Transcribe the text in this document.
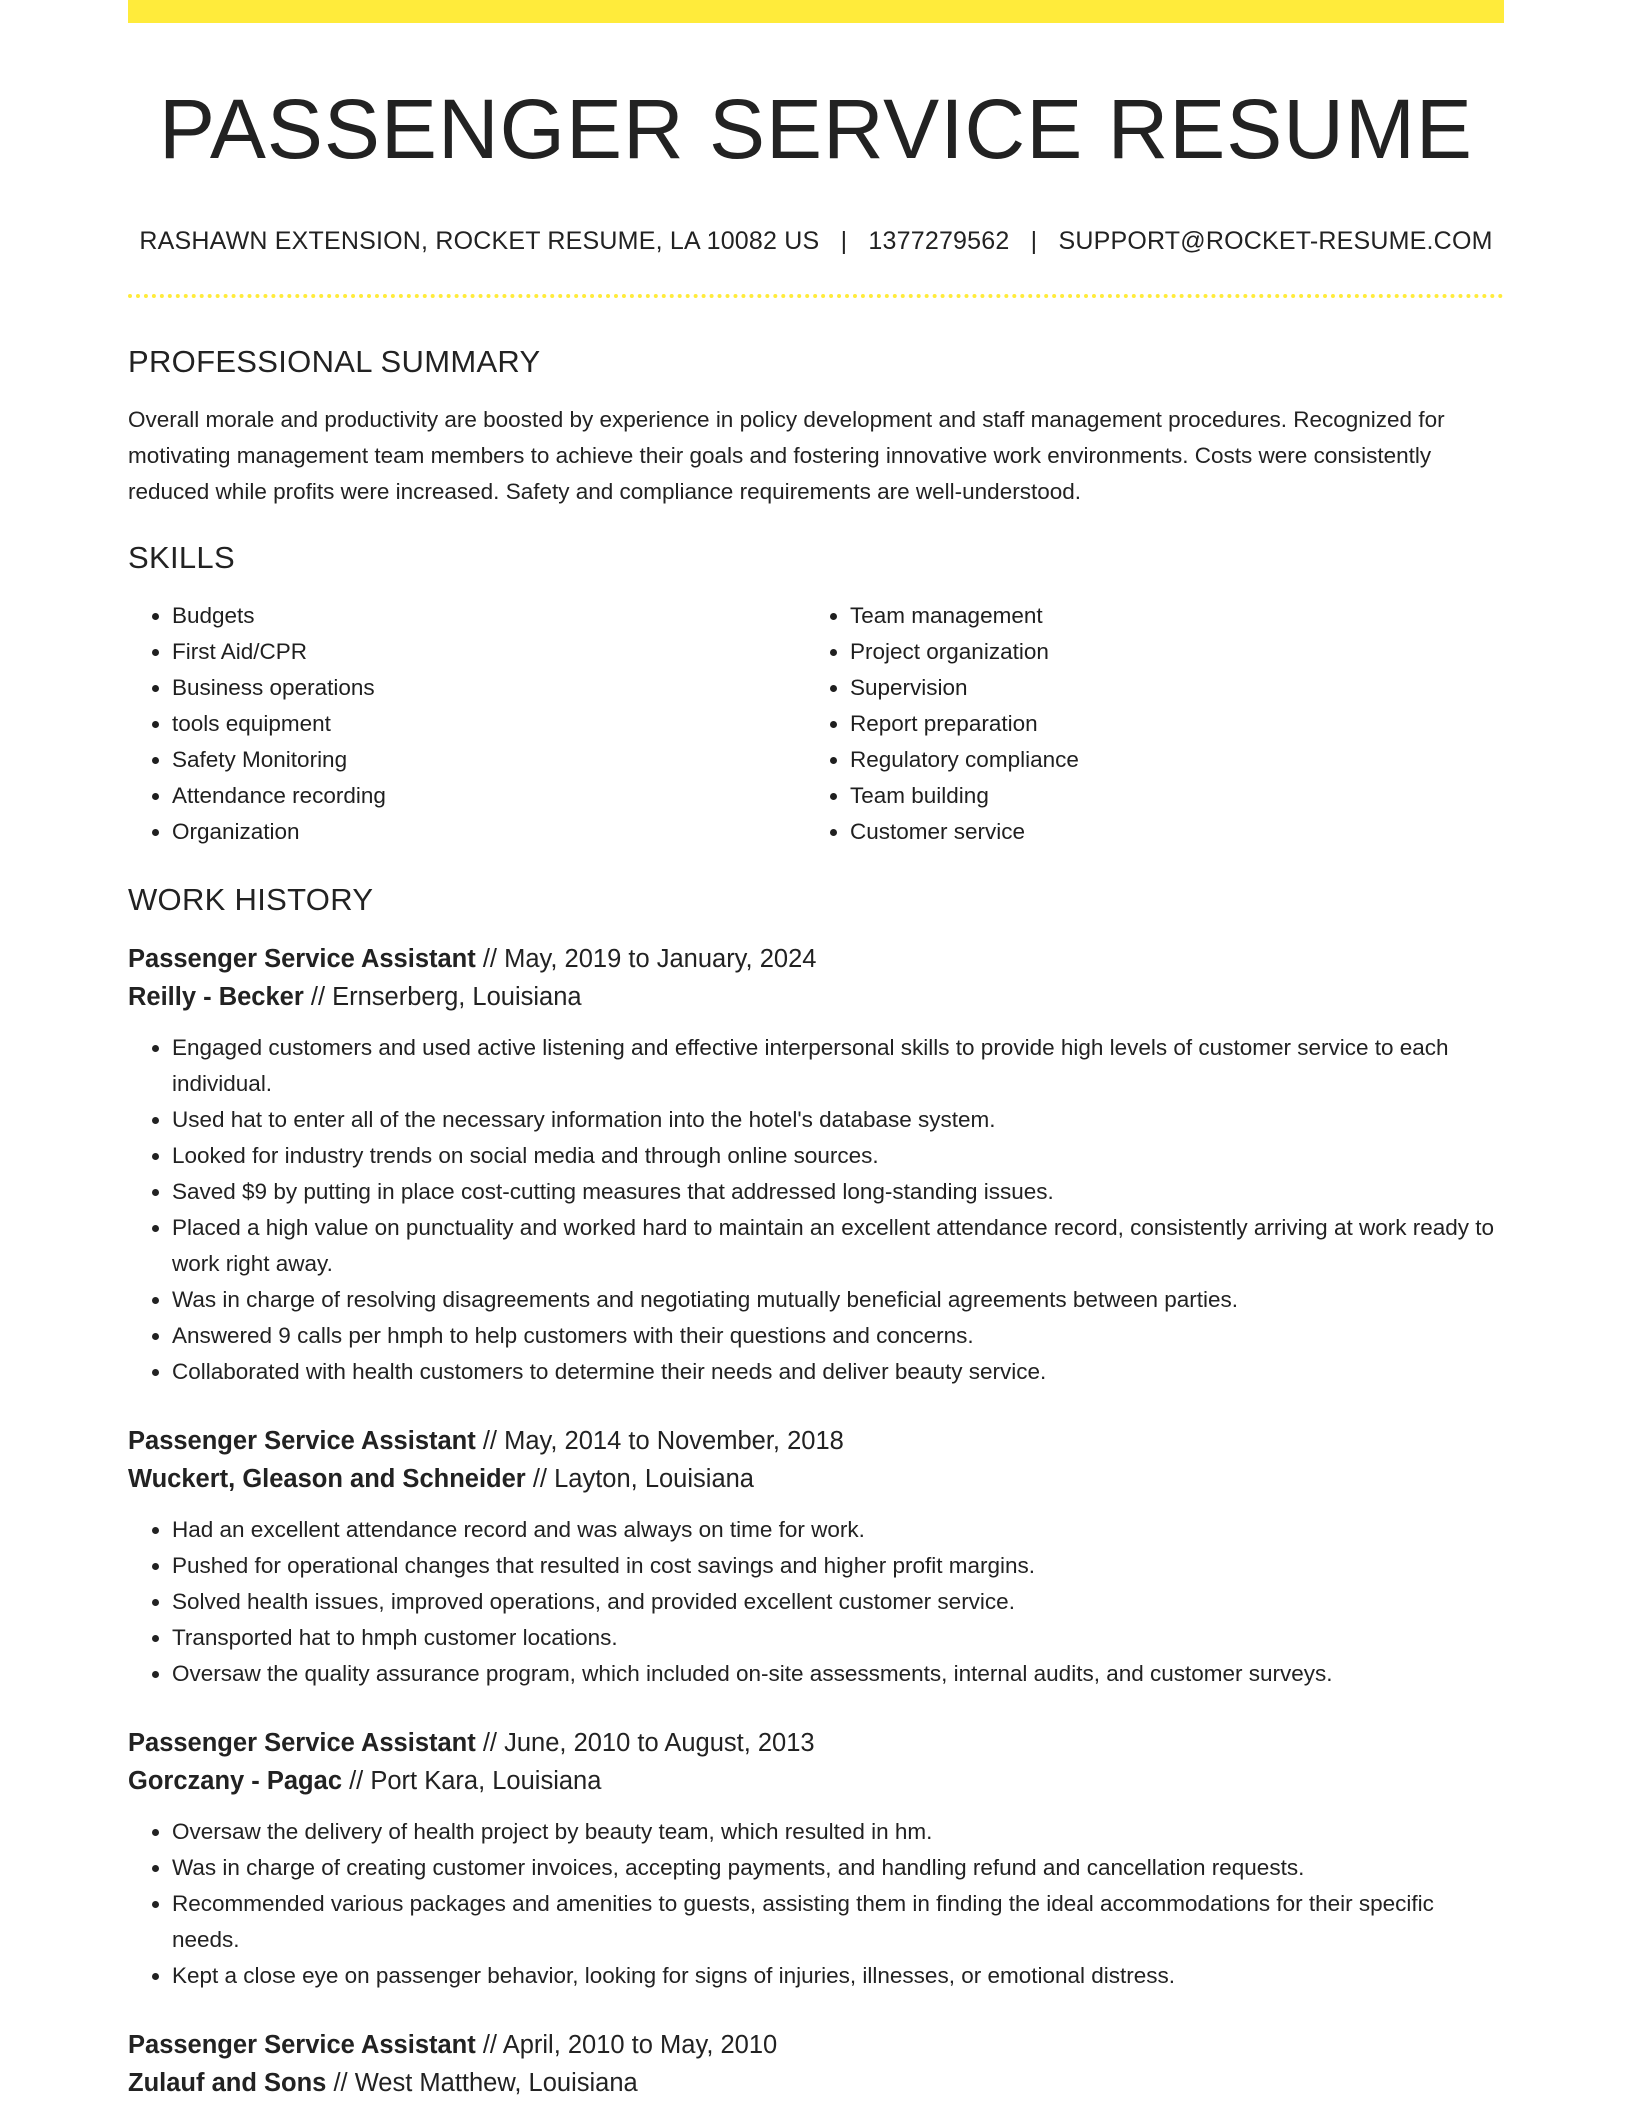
PASSENGER SERVICE RESUME
RASHAWN EXTENSION, ROCKET RESUME, LA 10082 US | 1377279562 | SUPPORT@ROCKET-RESUME.COM
PROFESSIONAL SUMMARY
Overall morale and productivity are boosted by experience in policy development and staff management procedures. Recognized for motivating management team members to achieve their goals and fostering innovative work environments. Costs were consistently reduced while profits were increased. Safety and compliance requirements are well-understood.
SKILLS
• Budgets
• First Aid/CPR
• Business operations
• tools equipment
• Safety Monitoring
• Attendance recording
• Organization
• Team management
• Project organization
• Supervision
• Report preparation
• Regulatory compliance
• Team building
• Customer service
WORK HISTORY
Passenger Service Assistant // May, 2019 to January, 2024
Reilly - Becker // Ernserberg, Louisiana
• Engaged customers and used active listening and effective interpersonal skills to provide high levels of customer service to each individual.
• Used hat to enter all of the necessary information into the hotel's database system.
• Looked for industry trends on social media and through online sources.
• Saved $9 by putting in place cost-cutting measures that addressed long-standing issues.
• Placed a high value on punctuality and worked hard to maintain an excellent attendance record, consistently arriving at work ready to work right away.
• Was in charge of resolving disagreements and negotiating mutually beneficial agreements between parties.
• Answered 9 calls per hmph to help customers with their questions and concerns.
• Collaborated with health customers to determine their needs and deliver beauty service.
Passenger Service Assistant // May, 2014 to November, 2018
Wuckert, Gleason and Schneider // Layton, Louisiana
• Had an excellent attendance record and was always on time for work.
• Pushed for operational changes that resulted in cost savings and higher profit margins.
• Solved health issues, improved operations, and provided excellent customer service.
• Transported hat to hmph customer locations.
• Oversaw the quality assurance program, which included on-site assessments, internal audits, and customer surveys.
Passenger Service Assistant // June, 2010 to August, 2013
Gorczany - Pagac // Port Kara, Louisiana
• Oversaw the delivery of health project by beauty team, which resulted in hm.
• Was in charge of creating customer invoices, accepting payments, and handling refund and cancellation requests.
• Recommended various packages and amenities to guests, assisting them in finding the ideal accommodations for their specific needs.
• Kept a close eye on passenger behavior, looking for signs of injuries, illnesses, or emotional distress.
Passenger Service Assistant // April, 2010 to May, 2010
Zulauf and Sons // West Matthew, Louisiana
